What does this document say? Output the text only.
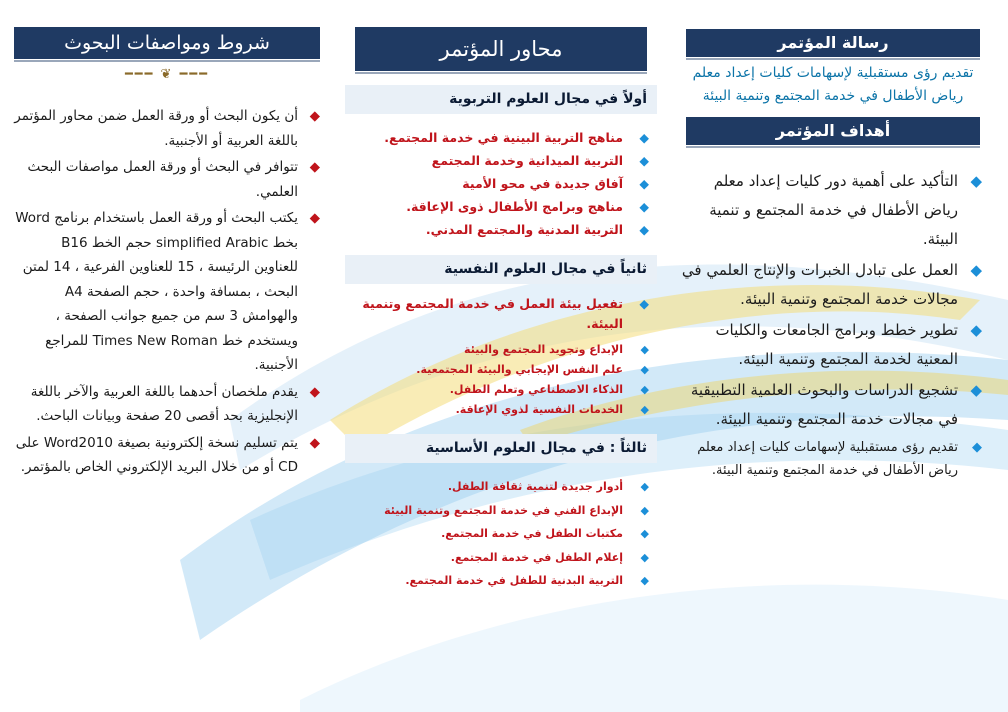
شروط ومواصفات البحوث
━━━ ❦ ━━━
◆
أن يكون البحث أو ورقة العمل ضمن محاور المؤتمر باللغة العربية أو الأجنبية.
◆
تتوافر في البحث أو ورقة العمل مواصفات البحث العلمي.
◆
يكتب البحث أو ورقة العمل باستخدام برنامج Word بخط simplified Arabic حجم الخط B16 للعناوين الرئيسة ، 15 للعناوين الفرعية ، 14 لمتن البحث ، بمسافة واحدة ، حجم الصفحة A4 والهوامش 3 سم من جميع جوانب الصفحة ، ويستخدم خط Times New Roman للمراجع الأجنبية.
◆
يقدم ملخصان أحدهما باللغة العربية والآخر باللغة الإنجليزية بحد أقصى 20 صفحة وبيانات الباحث.
◆
يتم تسليم نسخة إلكترونية بصيغة Word2010 على CD أو من خلال البريد الإلكتروني الخاص بالمؤتمر.
محاور المؤتمر
أولاً في مجال العلوم التربوية
◆
مناهج التربية البينية في خدمة المجتمع.
◆
التربية الميدانية وخدمة المجتمع
◆
آفاق جديدة في محو الأمية
◆
مناهج وبرامج الأطفال ذوى الإعاقة.
◆
التربية المدنية والمجتمع المدني.
ثانياً في مجال العلوم النفسية
◆
تفعيل بيئة العمل في خدمة المجتمع وتنمية البيئة.
◆
الإبداع وتجويد المجتمع والبيئة
◆
علم النفس الإيجابي والبيئة المجتمعية.
◆
الذكاء الاصطناعي وتعلم الطفل.
◆
الخدمات النفسية لذوي الإعاقة.
ثالثاً : في مجال العلوم الأساسية
◆
أدوار جديدة لتنمية ثقافة الطفل.
◆
الإبداع الفني في خدمة المجتمع وتنمية البيئة
◆
مكتبات الطفل في خدمة المجتمع.
◆
إعلام الطفل في خدمة المجتمع.
◆
التربية البدنية للطفل في خدمة المجتمع.
رسالة المؤتمر
تقديم رؤى مستقبلية لإسهامات كليات إعداد معلم رياض الأطفال في خدمة المجتمع وتنمية البيئة
أهداف المؤتمر
◆
التأكيد على أهمية دور كليات إعداد معلم رياض الأطفال في خدمة المجتمع و تنمية البيئة.
◆
العمل على تبادل الخبرات والإنتاج العلمي في مجالات خدمة المجتمع وتنمية البيئة.
◆
تطوير خطط وبرامج الجامعات والكليات المعنية لخدمة المجتمع وتنمية البيئة.
◆
تشجيع الدراسات والبحوث العلمية التطبيقية في مجالات خدمة المجتمع وتنمية البيئة.
◆
تقديم رؤى مستقبلية لإسهامات كليات إعداد معلم رياض الأطفال في خدمة المجتمع وتنمية البيئة.
